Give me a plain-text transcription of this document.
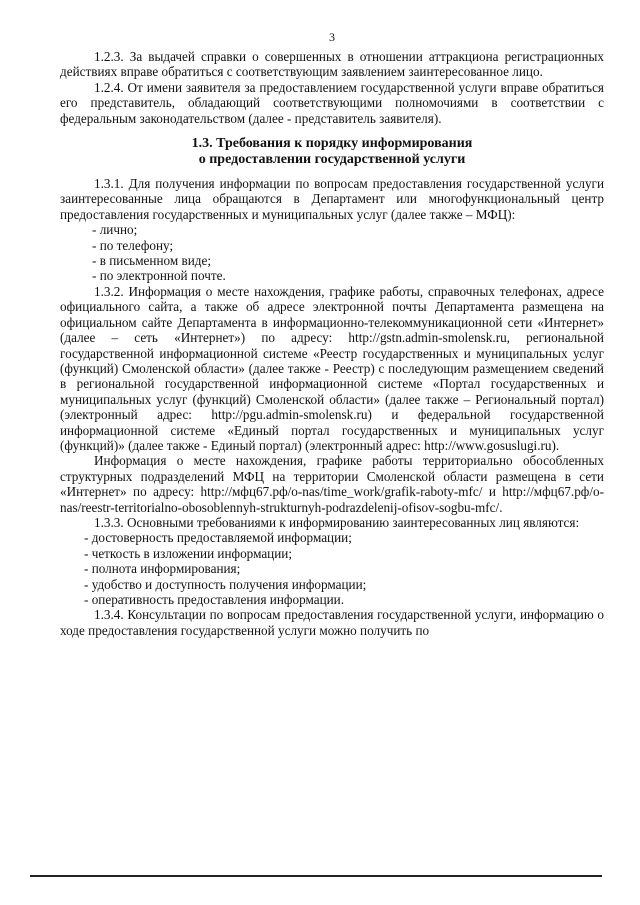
3

1.2.3. За выдачей справки о совершенных в отношении аттракциона регистрационных действиях вправе обратиться с соответствующим заявлением заинтересованное лицо.

1.2.4. От имени заявителя за предоставлением государственной услуги вправе обратиться его представитель, обладающий соответствующими полномочиями в соответствии с федеральным законодательством (далее - представитель заявителя).

1.3. Требования к порядку информирования
о предоставлении государственной услуги

1.3.1. Для получения информации по вопросам предоставления государственной услуги заинтересованные лица обращаются в Департамент или многофункциональный центр предоставления государственных и муниципальных услуг (далее также – МФЦ):

- лично;
- по телефону;
- в письменном виде;
- по электронной почте.

1.3.2. Информация о месте нахождения, графике работы, справочных телефонах, адресе официального сайта, а также об адресе электронной почты Департамента размещена на официальном сайте Департамента в информационно-телекоммуникационной сети «Интернет» (далее – сеть «Интернет») по адресу: http://gstn.admin-smolensk.ru, региональной государственной информационной системе «Реестр государственных и муниципальных услуг (функций) Смоленской области» (далее также - Реестр) с последующим размещением сведений в региональной государственной информационной системе «Портал государственных и муниципальных услуг (функций) Смоленской области» (далее также – Региональный портал) (электронный адрес: http://pgu.admin-smolensk.ru) и федеральной государственной информационной системе «Единый портал государственных и муниципальных услуг (функций)» (далее также - Единый портал) (электронный адрес: http://www.gosuslugi.ru).

Информация о месте нахождения, графике работы территориально обособленных структурных подразделений МФЦ на территории Смоленской области размещена в сети «Интернет» по адресу: http://мфц67.рф/o-nas/time_work/grafik-raboty-mfc/ и http://мфц67.рф/o-nas/reestr-territorialno-obosoblennyh-strukturnyh-podrazdelenij-ofisov-sogbu-mfc/.

1.3.3. Основными требованиями к информированию заинтересованных лиц являются:

- достоверность предоставляемой информации;
- четкость в изложении информации;
- полнота информирования;
- удобство и доступность получения информации;
- оперативность предоставления информации.

1.3.4. Консультации по вопросам предоставления государственной услуги, информацию о ходе предоставления государственной услуги можно получить по
